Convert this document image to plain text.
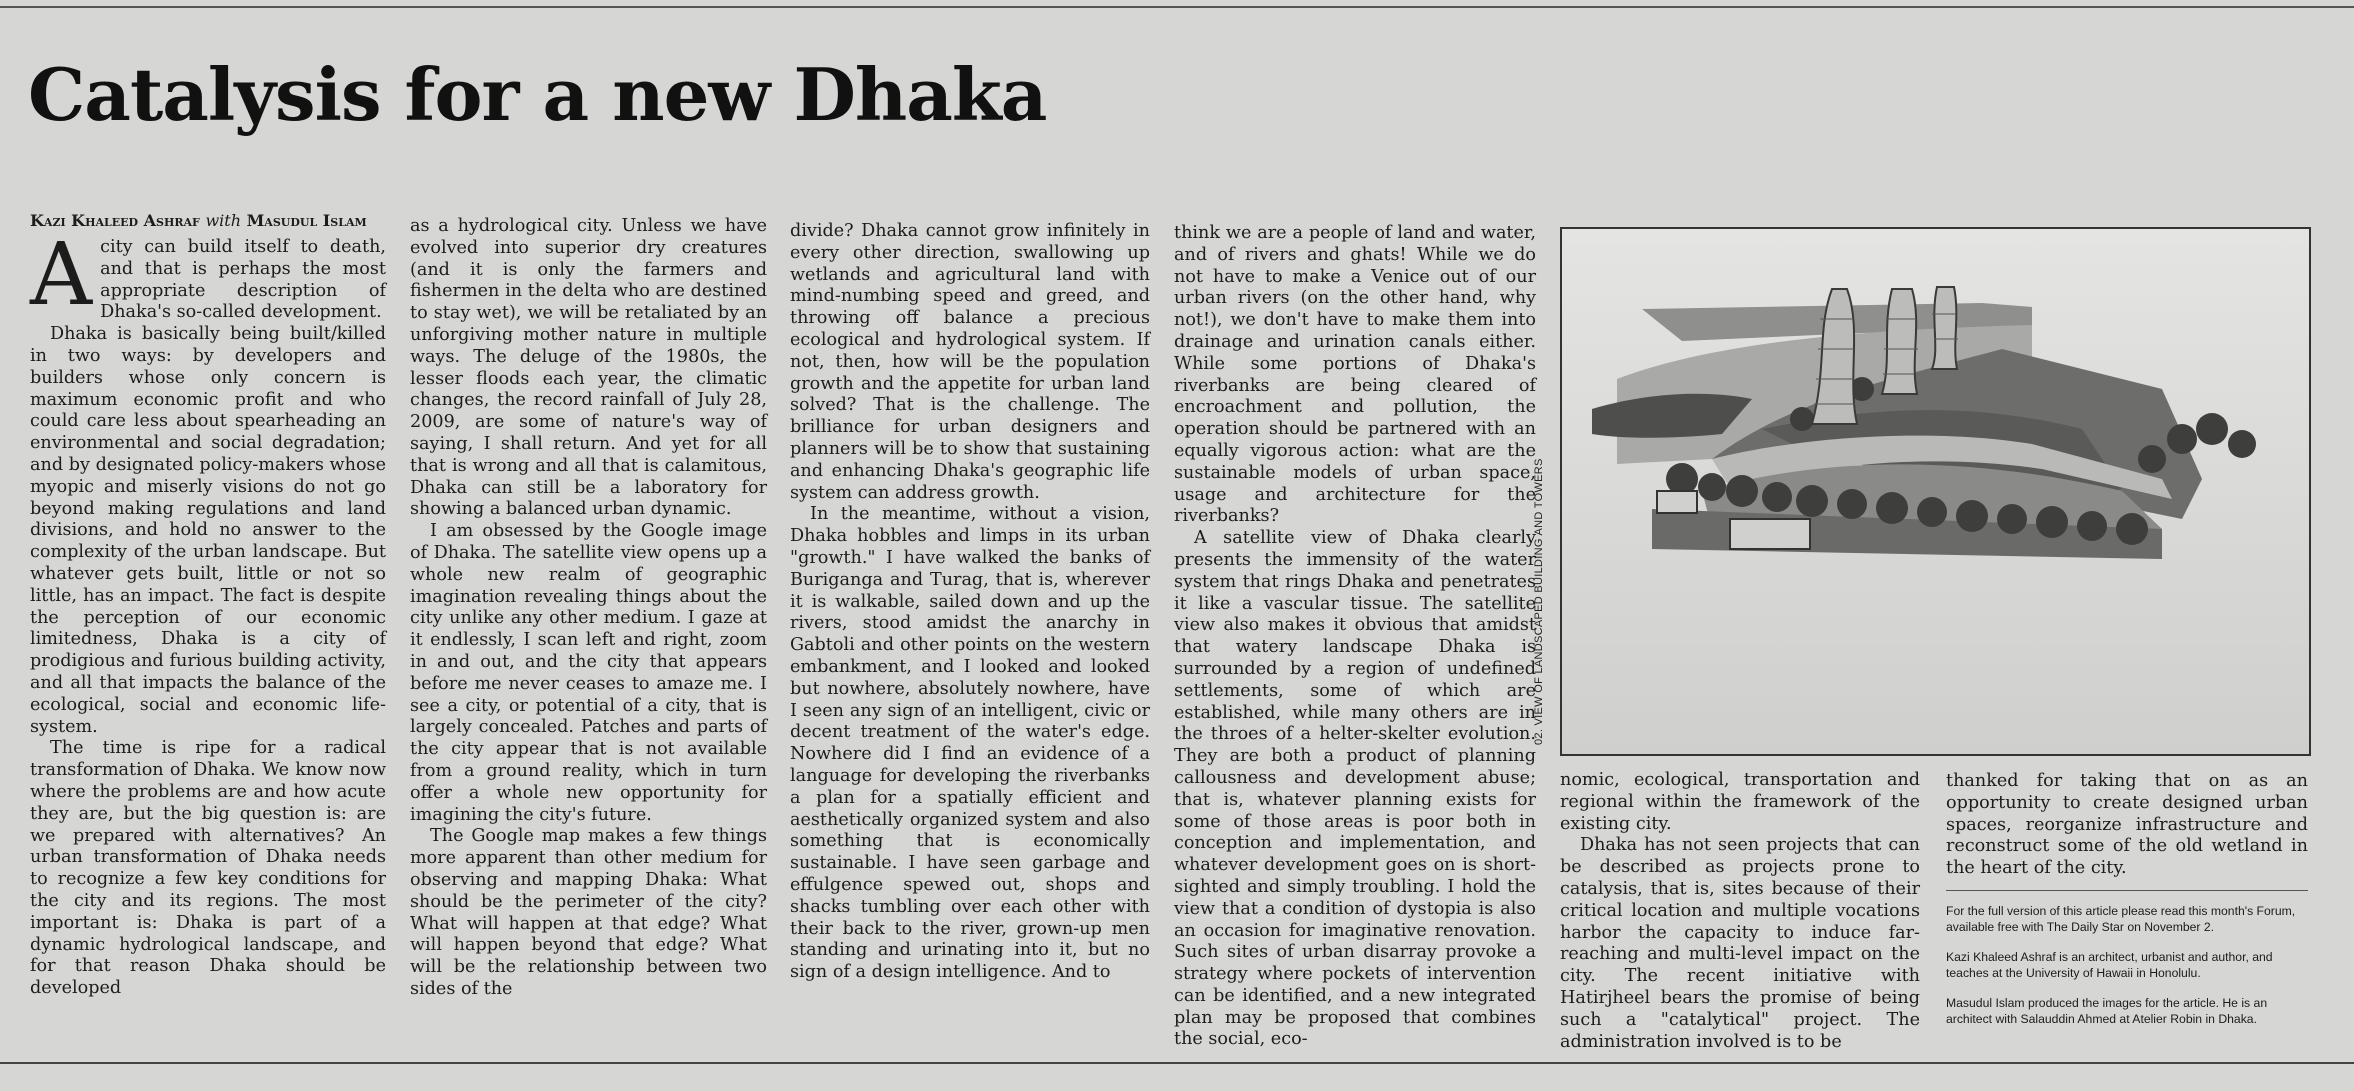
Catalysis for a new Dhaka
Kazi Khaleed Ashraf with Masudul Islam

Acity can build itself to death, and that is perhaps the most appropriate description of Dhaka's so-called development.

Dhaka is basically being built/killed in two ways: by developers and builders whose only concern is maximum economic profit and who could care less about spearheading an environmental and social degradation; and by designated policy-makers whose myopic and miserly visions do not go beyond making regulations and land divisions, and hold no answer to the complexity of the urban landscape. But whatever gets built, little or not so little, has an impact. The fact is despite the perception of our economic limitedness, Dhaka is a city of prodigious and furious building activity, and all that impacts the balance of the ecological, social and economic life-system.

The time is ripe for a radical transformation of Dhaka. We know now where the problems are and how acute they are, but the big question is: are we prepared with alternatives? An urban transformation of Dhaka needs to recognize a few key conditions for the city and its regions. The most important is: Dhaka is part of a dynamic hydrological landscape, and for that reason Dhaka should be developed

as a hydrological city. Unless we have evolved into superior dry creatures (and it is only the farmers and fishermen in the delta who are destined to stay wet), we will be retaliated by an unforgiving mother nature in multiple ways. The deluge of the 1980s, the lesser floods each year, the climatic changes, the record rainfall of July 28, 2009, are some of nature's way of saying, I shall return. And yet for all that is wrong and all that is calamitous, Dhaka can still be a laboratory for showing a balanced urban dynamic.

I am obsessed by the Google image of Dhaka. The satellite view opens up a whole new realm of geographic imagination revealing things about the city unlike any other medium. I gaze at it endlessly, I scan left and right, zoom in and out, and the city that appears before me never ceases to amaze me. I see a city, or potential of a city, that is largely concealed. Patches and parts of the city appear that is not available from a ground reality, which in turn offer a whole new opportunity for imagining the city's future.

The Google map makes a few things more apparent than other medium for observing and mapping Dhaka: What should be the perimeter of the city? What will happen at that edge? What will happen beyond that edge? What will be the relationship between two sides of the

divide? Dhaka cannot grow infinitely in every other direction, swallowing up wetlands and agricultural land with mind-numbing speed and greed, and throwing off balance a precious ecological and hydrological system. If not, then, how will be the population growth and the appetite for urban land solved? That is the challenge. The brilliance for urban designers and planners will be to show that sustaining and enhancing Dhaka's geographic life system can address growth.

In the meantime, without a vision, Dhaka hobbles and limps in its urban "growth." I have walked the banks of Buriganga and Turag, that is, wherever it is walkable, sailed down and up the rivers, stood amidst the anarchy in Gabtoli and other points on the western embankment, and I looked and looked but nowhere, absolutely nowhere, have I seen any sign of an intelligent, civic or decent treatment of the water's edge. Nowhere did I find an evidence of a language for developing the riverbanks a plan for a spatially efficient and aesthetically organized system and also something that is economically sustainable. I have seen garbage and effulgence spewed out, shops and shacks tumbling over each other with their back to the river, grown-up men standing and urinating into it, but no sign of a design intelligence. And to

think we are a people of land and water, and of rivers and ghats! While we do not have to make a Venice out of our urban rivers (on the other hand, why not!), we don't have to make them into drainage and urination canals either. While some portions of Dhaka's riverbanks are being cleared of encroachment and pollution, the operation should be partnered with an equally vigorous action: what are the sustainable models of urban space, usage and architecture for the riverbanks?

A satellite view of Dhaka clearly presents the immensity of the water system that rings Dhaka and penetrates it like a vascular tissue. The satellite view also makes it obvious that amidst that watery landscape Dhaka is surrounded by a region of undefined settlements, some of which are established, while many others are in the throes of a helter-skelter evolution. They are both a product of planning callousness and development abuse; that is, whatever planning exists for some of those areas is poor both in conception and implementation, and whatever development goes on is short-sighted and simply troubling. I hold the view that a condition of dystopia is also an occasion for imaginative renovation. Such sites of urban disarray provoke a strategy where pockets of intervention can be identified, and a new integrated plan may be proposed that combines the social, eco-

02. VIEW OF LANDSCAPED BUILDING AND TOWERS

nomic, ecological, transportation and regional within the framework of the existing city.

Dhaka has not seen projects that can be described as projects prone to catalysis, that is, sites because of their critical location and multiple vocations harbor the capacity to induce far-reaching and multi-level impact on the city. The recent initiative with Hatirjheel bears the promise of being such a "catalytical" project. The administration involved is to be

thanked for taking that on as an opportunity to create designed urban spaces, reorganize infrastructure and reconstruct some of the old wetland in the heart of the city.

For the full version of this article please read this month's Forum, available free with The Daily Star on November 2.

Kazi Khaleed Ashraf is an architect, urbanist and author, and teaches at the University of Hawaii in Honolulu.

Masudul Islam produced the images for the article. He is an architect with Salauddin Ahmed at Atelier Robin in Dhaka.
